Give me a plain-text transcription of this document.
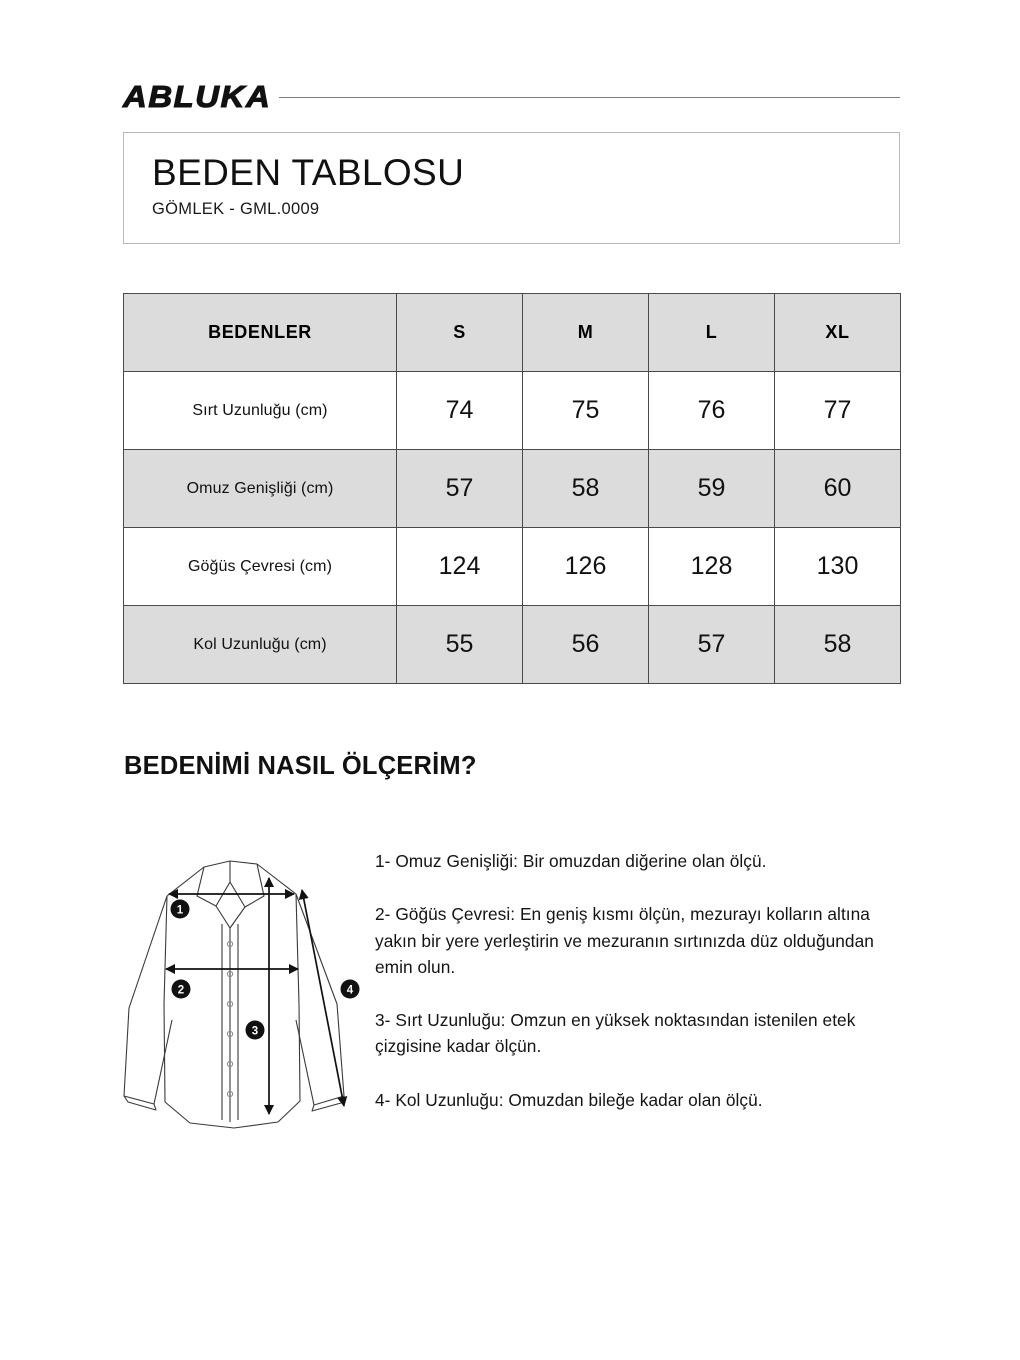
ABLUKA
BEDEN TABLOSU
GÖMLEK - GML.0009
BEDENLER	S	M	L	XL
Sırt Uzunluğu (cm)	74	75	76	77
Omuz Genişliği (cm)	57	58	59	60
Göğüs Çevresi (cm)	124	126	128	130
Kol Uzunluğu (cm)	55	56	57	58
BEDENİMİ NASIL ÖLÇERİM?
1
2
3
4

1- Omuz Genişliği: Bir omuzdan diğerine olan ölçü.

2- Göğüs Çevresi: En geniş kısmı ölçün, mezurayı kolların altına yakın bir yere yerleştirin ve mezuranın sırtınızda düz olduğundan emin olun.

3- Sırt Uzunluğu: Omzun en yüksek noktasından istenilen etek çizgisine kadar ölçün.

4- Kol Uzunluğu: Omuzdan bileğe kadar olan ölçü.
